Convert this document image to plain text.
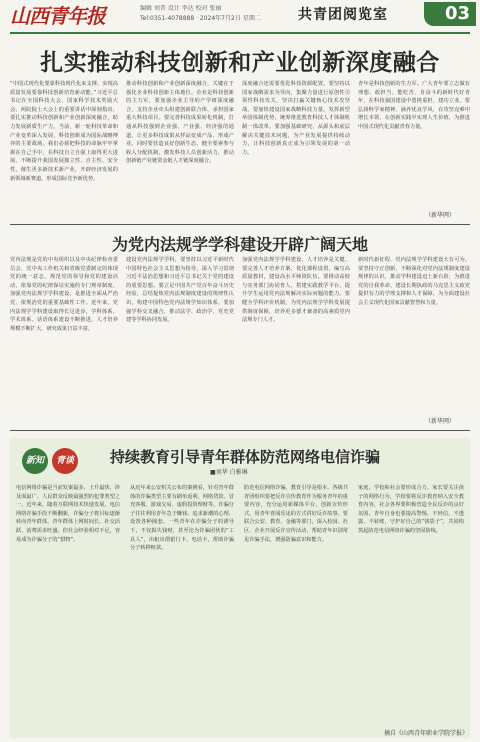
山西青年报	编辑 刘晋 设计 李达 校对 张丽
Tel:0351-4078888 · 2024年7月2日 星期二	共青团阅览室	03
扎实推动科技创新和产业创新深度融合
“中国式现代化要靠科技现代化来支撑，实现高质量发展要靠科技创新培育新动能。”习近平总书记在全国科技大会、国家科学技术奖励大会、两院院士大会上的重要讲话中深刻指出，要扎实推动科技创新和产业创新深度融合，助力发展新质生产力。当前，新一轮科技革命和产业变革深入发展，科技创新成为国际战略博弈的主要战场。我们必须把科技的命脉牢牢掌握在自己手中，在科技自立自强上取得更大进展，不断提升我国发展独立性、自主性、安全性，催生更多新技术新产业，开辟经济发展的新领域新赛道，形成国际竞争新优势。
推动科技创新和产业创新深度融合，关键在于强化企业科技创新主体地位。企业是科技创新的主力军，要加强企业主导的产学研深度融合，支持企业牵头组建创新联合体，承担国家重大科技项目。要完善科技成果转化机制，打通从科技强到企业强、产业强、经济强的通道，让更多科技成果从样品变成产品、形成产业。同时要营造良好创新生态，健全要素参与收入分配机制，激发科技人员创新活力，推动创新链产业链资金链人才链深度融合。
深度融合还需要优化科技资源配置。要坚持以国家战略需求为导向，集聚力量进行原创性引领性科技攻关，坚决打赢关键核心技术攻坚战。要加快建设国家战略科技力量，发挥新型举国体制优势，统筹推进教育科技人才体制机制一体改革。要加强基础研究，从源头和底层解决关键技术问题，为产业发展提供持续动力，让科技创新真正成为引领发展的第一动力。
青年是科技创新的生力军。广大青年要立志做有理想、敢担当、能吃苦、肯奋斗的新时代好青年，在科技强国建设中勇挑重担、建功立业。要弘扬科学家精神，涵养优良学风，在攻坚克难中增长本领，在创新实践中实现人生价值，为推进中国式现代化贡献青春力量。
（新华网）
为党内法规学学科建设开辟广阔天地
党内法规是党的中央组织以及中央纪律检查委员会、党中央工作机关和省级党委制定的体现党的统一意志、规范党的领导和党的建设活动、依靠党的纪律保证实施的专门规章制度。加强党内法规学学科建设，是推进全面从严治党、依规治党的重要基础性工作。近年来，党内法规学学科建设取得长足进步，学科体系、学术体系、话语体系建设不断推进，人才培养规模不断扩大，研究成果日益丰富。
建设党内法规学学科，要坚持以习近平新时代中国特色社会主义思想为指导，深入学习贯彻习近平法治思想和习近平总书记关于党的建设的重要思想。要立足中国共产党百年奋斗历史经验，总结提炼党内法规制度建设的规律性认识，构建中国特色党内法规学知识体系。要加强学科交叉融合，推动法学、政治学、党史党建等学科协同发展。
加强党内法规学学科建设，人才培养是关键。要完善人才培养方案，优化课程设置，编写高质量教材，建设高水平师资队伍。要推动高校与实务部门协同育人，搭建实践教学平台，提升学生运用党内法规解决实际问题的能力。要健全学科评价机制，为党内法规学学科发展提供制度保障，培养更多德才兼备的高素质党内法规专门人才。
新时代新征程，党内法规学学科建设大有可为。要坚持守正创新，不断深化对党内法规制度建设规律的认识，推动学科建设迈上新台阶，为推进党的自我革命、建设长期执政的马克思主义政党提供有力的学理支撑和人才保障，为全面建设社会主义现代化国家贡献智慧和力量。
（新华网）
新知	青谈 持续教育引导青年群体防范网络电信诈骗
■刘华 白雅琳
电信网络诈骗是当前发案最多、上升最快、涉及面最广、人民群众反映最强烈的犯罪类型之一。近年来，随着互联网技术快速发展，电信网络诈骗手段不断翻新，诈骗分子将目标逐渐转向青年群体。青年群体上网时间长、社交活跃、消费需求旺盛，但社会经验相对不足，容易成为诈骗分子的“猎物”。
从近年来公安机关公布的案例看，针对青年群体的诈骗类型主要有刷单返利、网络贷款、冒充客服、游戏交易、虚假投资理财等。诈骗分子往往利用青年急于赚钱、追求新潮的心理，设置各种圈套。一些青年在诈骗分子的诱导下，不仅损失钱财，甚至沦为诈骗团伙的“工具人”，出租出借银行卡、电话卡，帮助诈骗分子转移赃款。
防范电信网络诈骗，教育引导是根本。各级共青团组织要把反诈宣传教育作为服务青年的重要内容，充分运用新媒体平台，创新宣传形式，用青年喜闻乐见的方式讲好反诈故事。要联合公安、教育、金融等部门，深入校园、社区、企业开展反诈宣传活动，帮助青年识别常见诈骗手法，增强防骗意识和能力。
家庭、学校和社会要形成合力。家长要关注孩子的网络行为，学校要将反诈教育纳入安全教育内容，社会各界要积极营造全民反诈的良好氛围。青年自身也要提高警惕，不轻信、不透露、不转账，守护好自己的“钱袋子”，共同构筑起防范电信网络诈骗的坚固防线。
摘自《山西青年职业学院学报》
